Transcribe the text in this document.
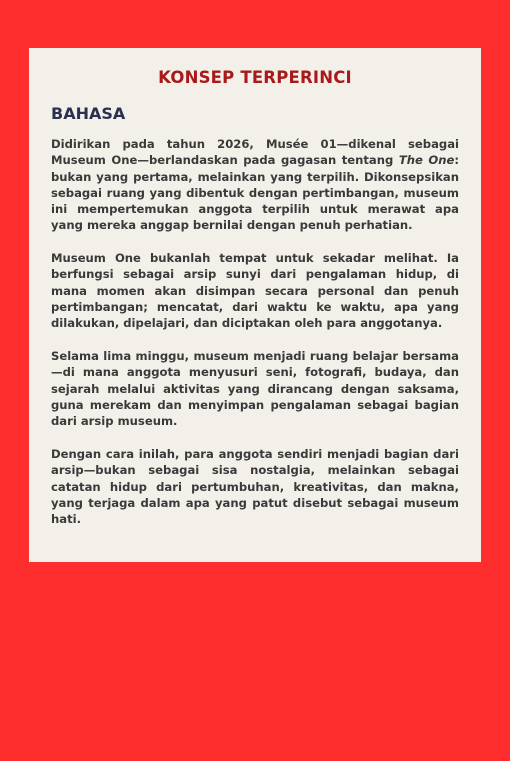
KONSEP TERPERINCI
BAHASA

Didirikan pada tahun 2026, Musée 01—dikenal sebagai Museum One—berlandaskan pada gagasan tentang The One: bukan yang pertama, melainkan yang terpilih. Dikonsepsikan sebagai ruang yang dibentuk dengan pertimbangan, museum ini mempertemukan anggota terpilih untuk merawat apa yang mereka anggap bernilai dengan penuh perhatian.

Museum One bukanlah tempat untuk sekadar melihat. Ia berfungsi sebagai arsip sunyi dari pengalaman hidup, di mana momen akan disimpan secara personal dan penuh pertimbangan; mencatat, dari waktu ke waktu, apa yang dilakukan, dipelajari, dan diciptakan oleh para anggotanya.

Selama lima minggu, museum menjadi ruang belajar bersama—di mana anggota menyusuri seni, fotografi, budaya, dan sejarah melalui aktivitas yang dirancang dengan saksama, guna merekam dan menyimpan pengalaman sebagai bagian dari arsip museum.

Dengan cara inilah, para anggota sendiri menjadi bagian dari arsip—bukan sebagai sisa nostalgia, melainkan sebagai catatan hidup dari pertumbuhan, kreativitas, dan makna, yang terjaga dalam apa yang patut disebut sebagai museum hati.
